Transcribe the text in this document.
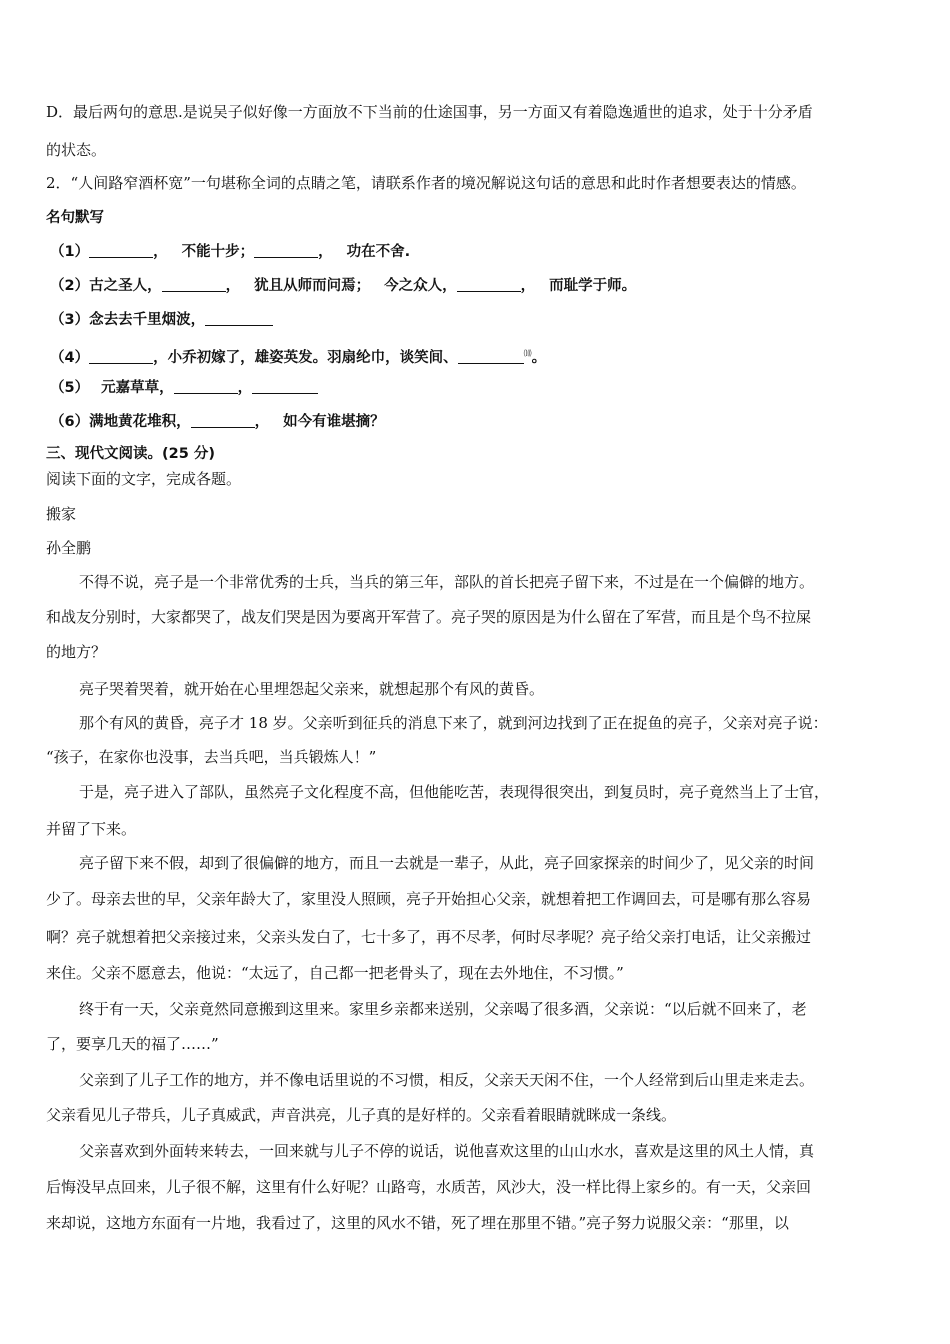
D．最后两句的意思.是说吴子似好像一方面放不下当前的仕途国事，另一方面又有着隐逸遁世的追求，处于十分矛盾
的状态。
2．“人间路窄酒杯宽”一句堪称全词的点睛之笔，请联系作者的境况解说这句话的意思和此时作者想要表达的情感。
名句默写
（1）	， 不能十步；	， 功在不舍.
（2）古之圣人，	， 犹且从师而问焉； 今之众人，	， 而耻学于师。
（3）念去去千里烟波，
（4）	，小乔初嫁了，雄姿英发。羽扇纶巾，谈笑间、	⑽。
（5） 元嘉草草，	，
（6）满地黄花堆积，	， 如今有谁堪摘？
三、现代文阅读。(25 分)
阅读下面的文字，完成各题。
搬家
孙全鹏
不得不说，亮子是一个非常优秀的士兵，当兵的第三年，部队的首长把亮子留下来，不过是在一个偏僻的地方。
和战友分别时，大家都哭了，战友们哭是因为要离开军营了。亮子哭的原因是为什么留在了军营，而且是个鸟不拉屎
的地方？
亮子哭着哭着，就开始在心里埋怨起父亲来，就想起那个有风的黄昏。
那个有风的黄昏，亮子才 18 岁。父亲听到征兵的消息下来了，就到河边找到了正在捉鱼的亮子，父亲对亮子说：
“孩子，在家你也没事，去当兵吧，当兵锻炼人！”
于是，亮子进入了部队，虽然亮子文化程度不高，但他能吃苦，表现得很突出，到复员时，亮子竟然当上了士官，
并留了下来。
亮子留下来不假，却到了很偏僻的地方，而且一去就是一辈子，从此，亮子回家探亲的时间少了，见父亲的时间
少了。母亲去世的早，父亲年龄大了，家里没人照顾，亮子开始担心父亲，就想着把工作调回去，可是哪有那么容易
啊？亮子就想着把父亲接过来，父亲头发白了，七十多了，再不尽孝，何时尽孝呢？亮子给父亲打电话，让父亲搬过
来住。父亲不愿意去，他说：“太远了，自己都一把老骨头了，现在去外地住，不习惯。”
终于有一天，父亲竟然同意搬到这里来。家里乡亲都来送别，父亲喝了很多酒，父亲说：“以后就不回来了，老
了，要享几天的福了……”
父亲到了儿子工作的地方，并不像电话里说的不习惯，相反，父亲天天闲不住，一个人经常到后山里走来走去。
父亲看见儿子带兵，儿子真威武，声音洪亮，儿子真的是好样的。父亲看着眼睛就眯成一条线。
父亲喜欢到外面转来转去，一回来就与儿子不停的说话，说他喜欢这里的山山水水，喜欢是这里的风土人情，真
后悔没早点回来，儿子很不解，这里有什么好呢？山路弯，水质苦，风沙大，没一样比得上家乡的。有一天，父亲回
来却说，这地方东面有一片地，我看过了，这里的风水不错，死了埋在那里不错。”亮子努力说服父亲：“那里，以
